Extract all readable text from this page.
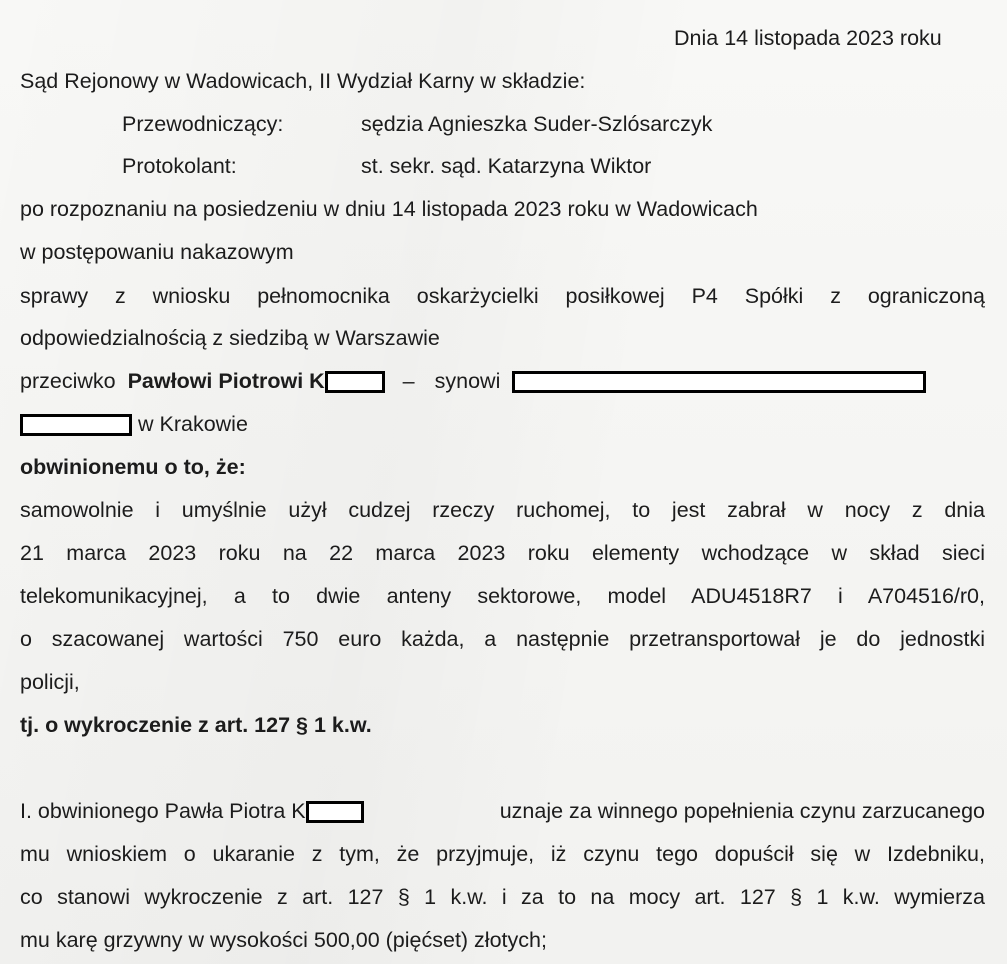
Dnia 14 listopada 2023 roku
Sąd Rejonowy w Wadowicach, II Wydział Karny w składzie:
Przewodniczący:	sędzia Agnieszka Suder-Szlósarczyk
Protokolant:	st. sekr. sąd. Katarzyna Wiktor
po rozpoznaniu na posiedzeniu w dniu 14 listopada 2023 roku w Wadowicach
w postępowaniu nakazowym
sprawy z wniosku pełnomocnika oskarżycielki posiłkowej P4 Spółki z ograniczoną
odpowiedzialnością z siedzibą w Warszawie
przeciwko Pawłowi Piotrowi K	– synowi
w Krakowie
obwinionemu o to, że:
samowolnie i umyślnie użył cudzej rzeczy ruchomej, to jest zabrał w nocy z dnia
21 marca 2023 roku na 22 marca 2023 roku elementy wchodzące w skład sieci
telekomunikacyjnej, a to dwie anteny sektorowe, model ADU4518R7 i A704516/r0,
o szacowanej wartości 750 euro każda, a następnie przetransportował je do jednostki
policji,
tj. o wykroczenie z art. 127 § 1 k.w.
I. obwinionego Pawła Piotra K	uznaje za winnego popełnienia czynu zarzucanego
mu wnioskiem o ukaranie z tym, że przyjmuje, iż czynu tego dopuścił się w Izdebniku,
co stanowi wykroczenie z art. 127 § 1 k.w. i za to na mocy art. 127 § 1 k.w. wymierza
mu karę grzywny w wysokości 500,00 (pięćset) złotych;
